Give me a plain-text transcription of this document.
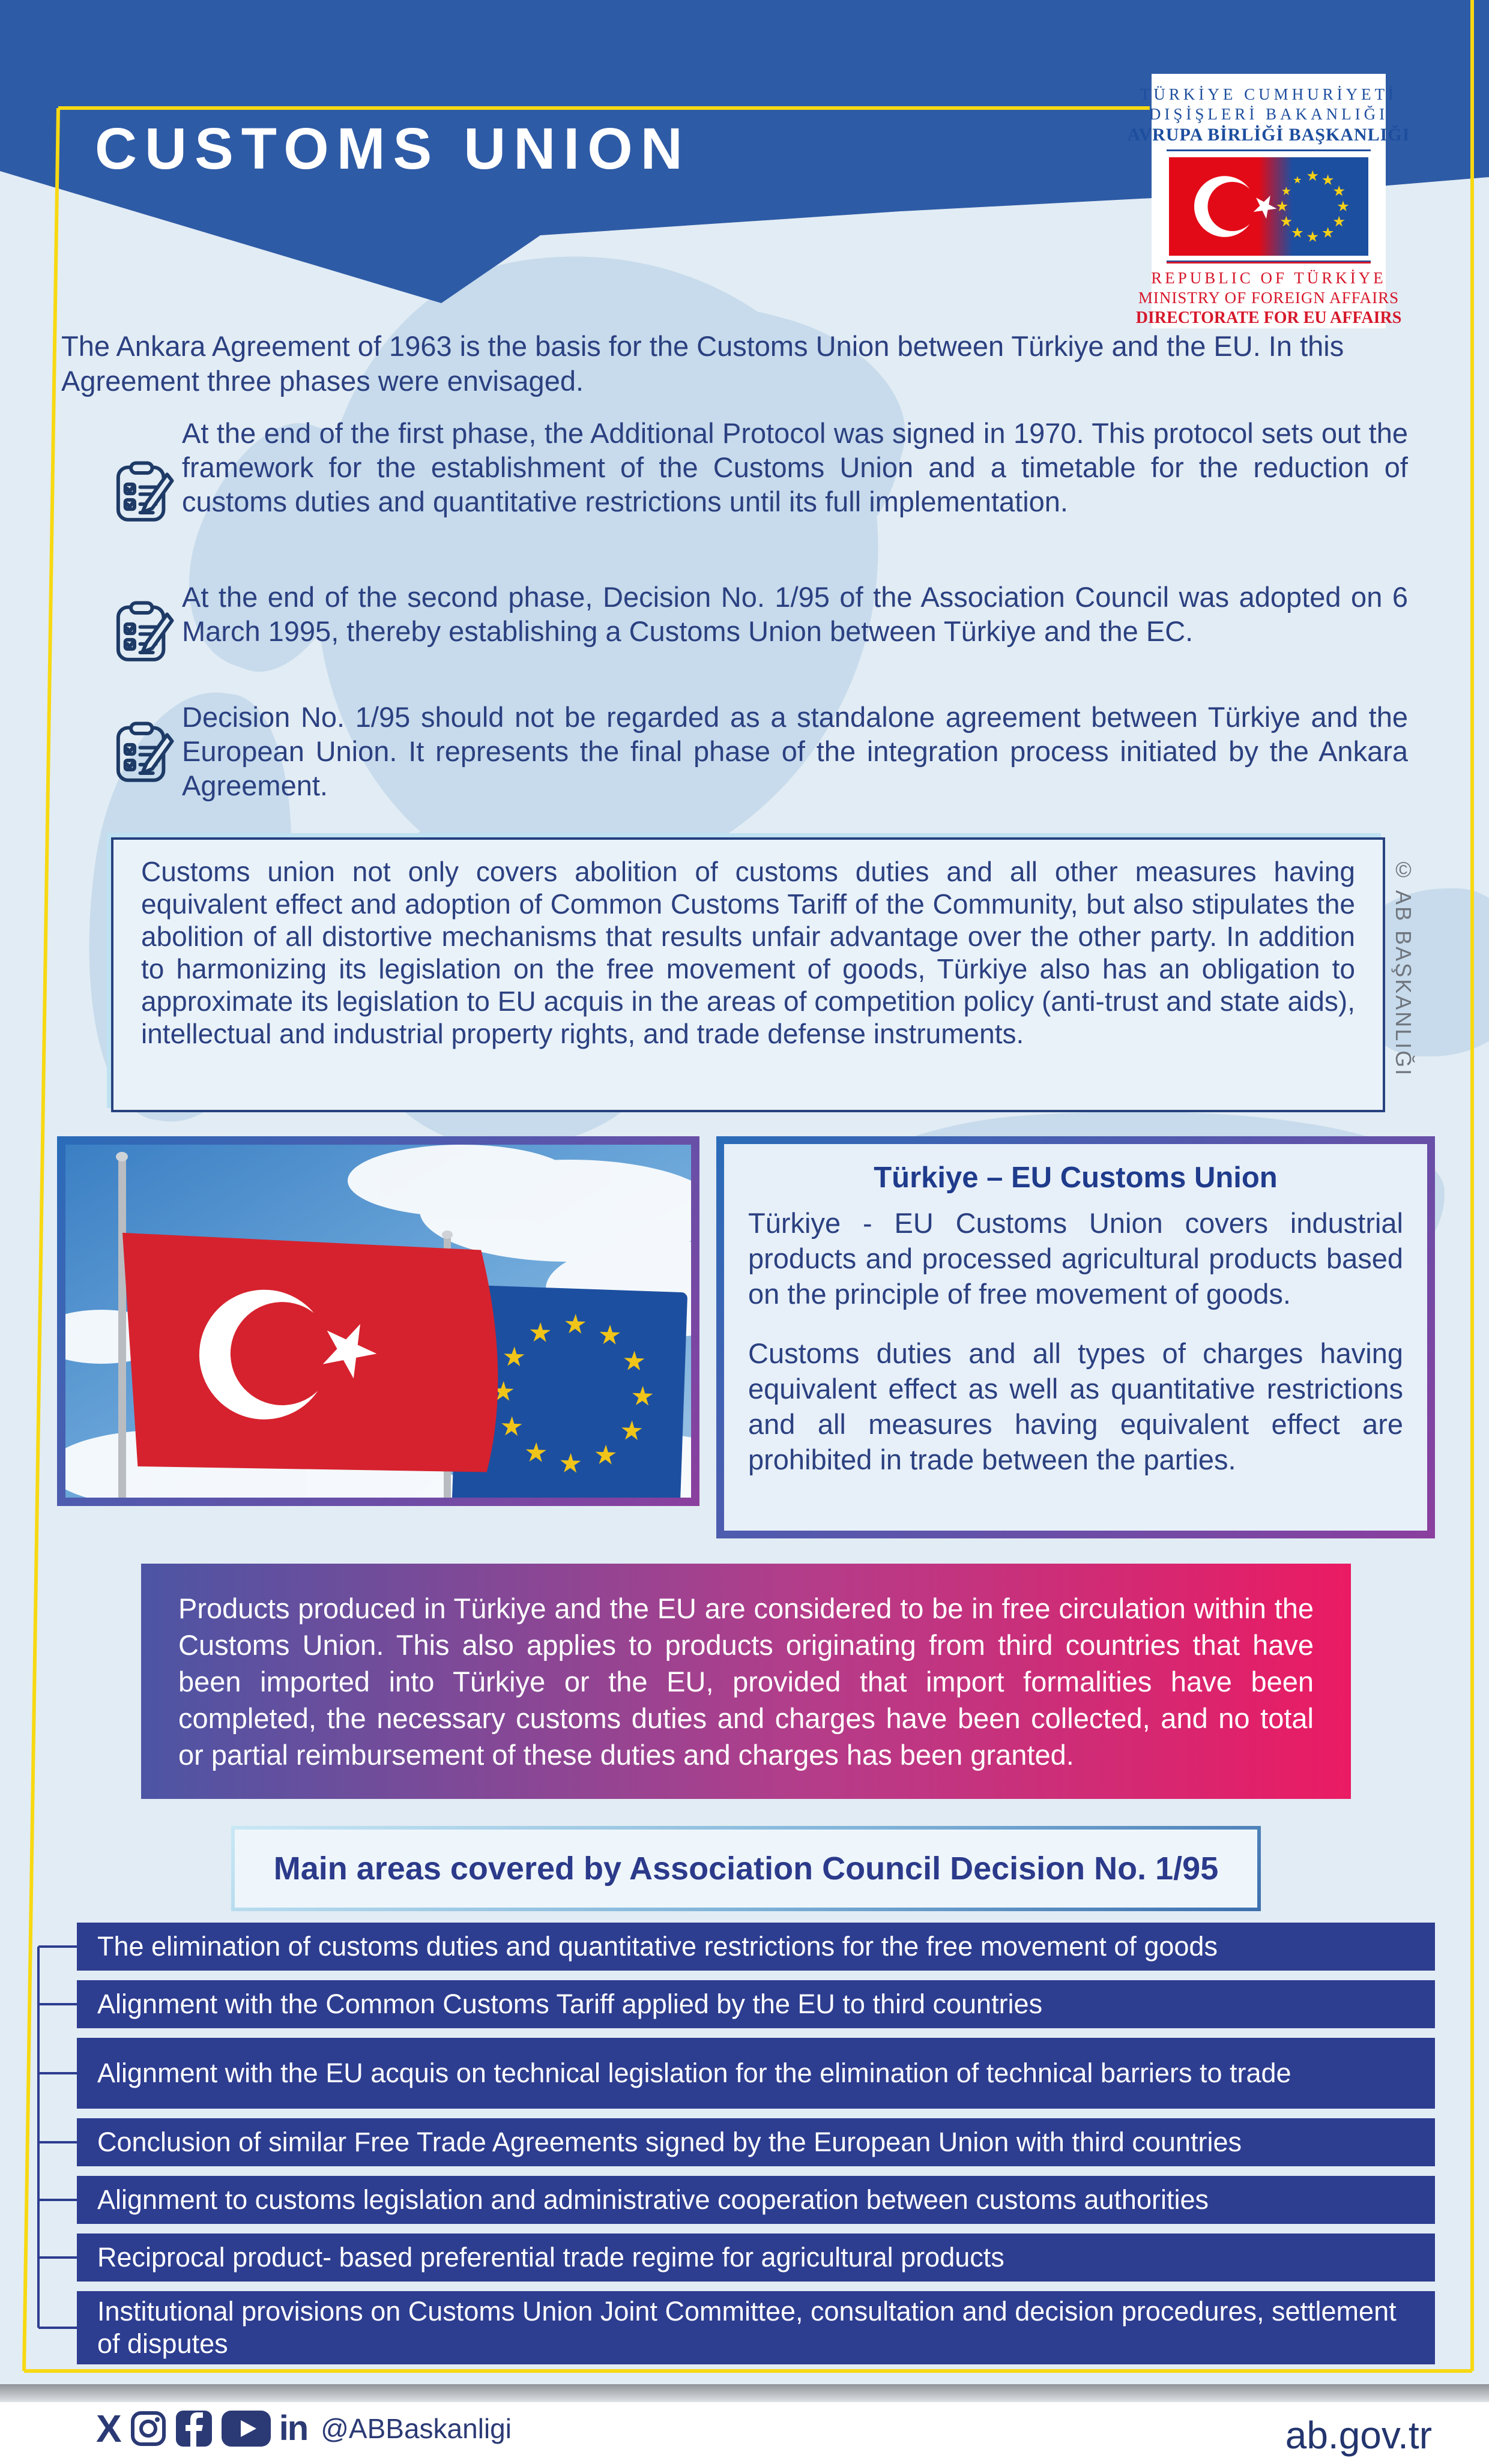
CUSTOMS UNION
TÜRKİYE CUMHURİYETİ
DIŞİŞLERİ BAKANLIĞI
AVRUPA BİRLİĞİ BAŞKANLIĞI
REPUBLIC OF TÜRKİYE
MINISTRY OF FOREIGN AFFAIRS
DIRECTORATE FOR EU AFFAIRS
The Ankara Agreement of 1963 is the basis for the Customs Union between Türkiye and the EU. In this Agreement three phases were envisaged.
At the end of the first phase, the Additional Protocol was signed in 1970. This protocol sets out the framework for the establishment of the Customs Union and a timetable for the reduction of customs duties and quantitative restrictions until its full implementation.
At the end of the second phase, Decision No. 1/95 of the Association Council was adopted on 6 March 1995, thereby establishing a Customs Union between Türkiye and the EC.
Decision No. 1/95 should not be regarded as a standalone agreement between Türkiye and the European Union. It represents the final phase of the integration process initiated by the Ankara Agreement.
Customs union not only covers abolition of customs duties and all other measures having equivalent effect and adoption of Common Customs Tariff of the Community, but also stipulates the abolition of all distortive mechanisms that results unfair advantage over the other party. In addition to harmonizing its legislation on the free movement of goods, Türkiye also has an obligation to approximate its legislation to EU acquis in the areas of competition policy (anti-trust and state aids), intellectual and industrial property rights, and trade defense instruments.	© AB BAŞKANLIĞI
Türkiye – EU Customs Union
Türkiye - EU Customs Union covers industrial products and processed agricultural products based on the principle of free movement of goods.
Customs duties and all types of charges having equivalent effect as well as quantitative restrictions and all measures having equivalent effect are prohibited in trade between the parties.
Products produced in Türkiye and the EU are considered to be in free circulation within the Customs Union. This also applies to products originating from third countries that have been imported into Türkiye or the EU, provided that import formalities have been completed, the necessary customs duties and charges have been collected, and no total or partial reimbursement of these duties and charges has been granted.
Main areas covered by Association Council Decision No. 1/95
The elimination of customs duties and quantitative restrictions for the free movement of goods
Alignment with the Common Customs Tariff applied by the EU to third countries
Alignment with the EU acquis on technical legislation for the elimination of technical barriers to trade
Conclusion of similar Free Trade Agreements signed by the European Union with third countries
Alignment to customs legislation and administrative cooperation between customs authorities
Reciprocal product- based preferential trade regime for agricultural products
Institutional provisions on Customs Union Joint Committee, consultation and decision procedures, settlement of disputes
X	in @ABBaskanligi	ab.gov.tr
